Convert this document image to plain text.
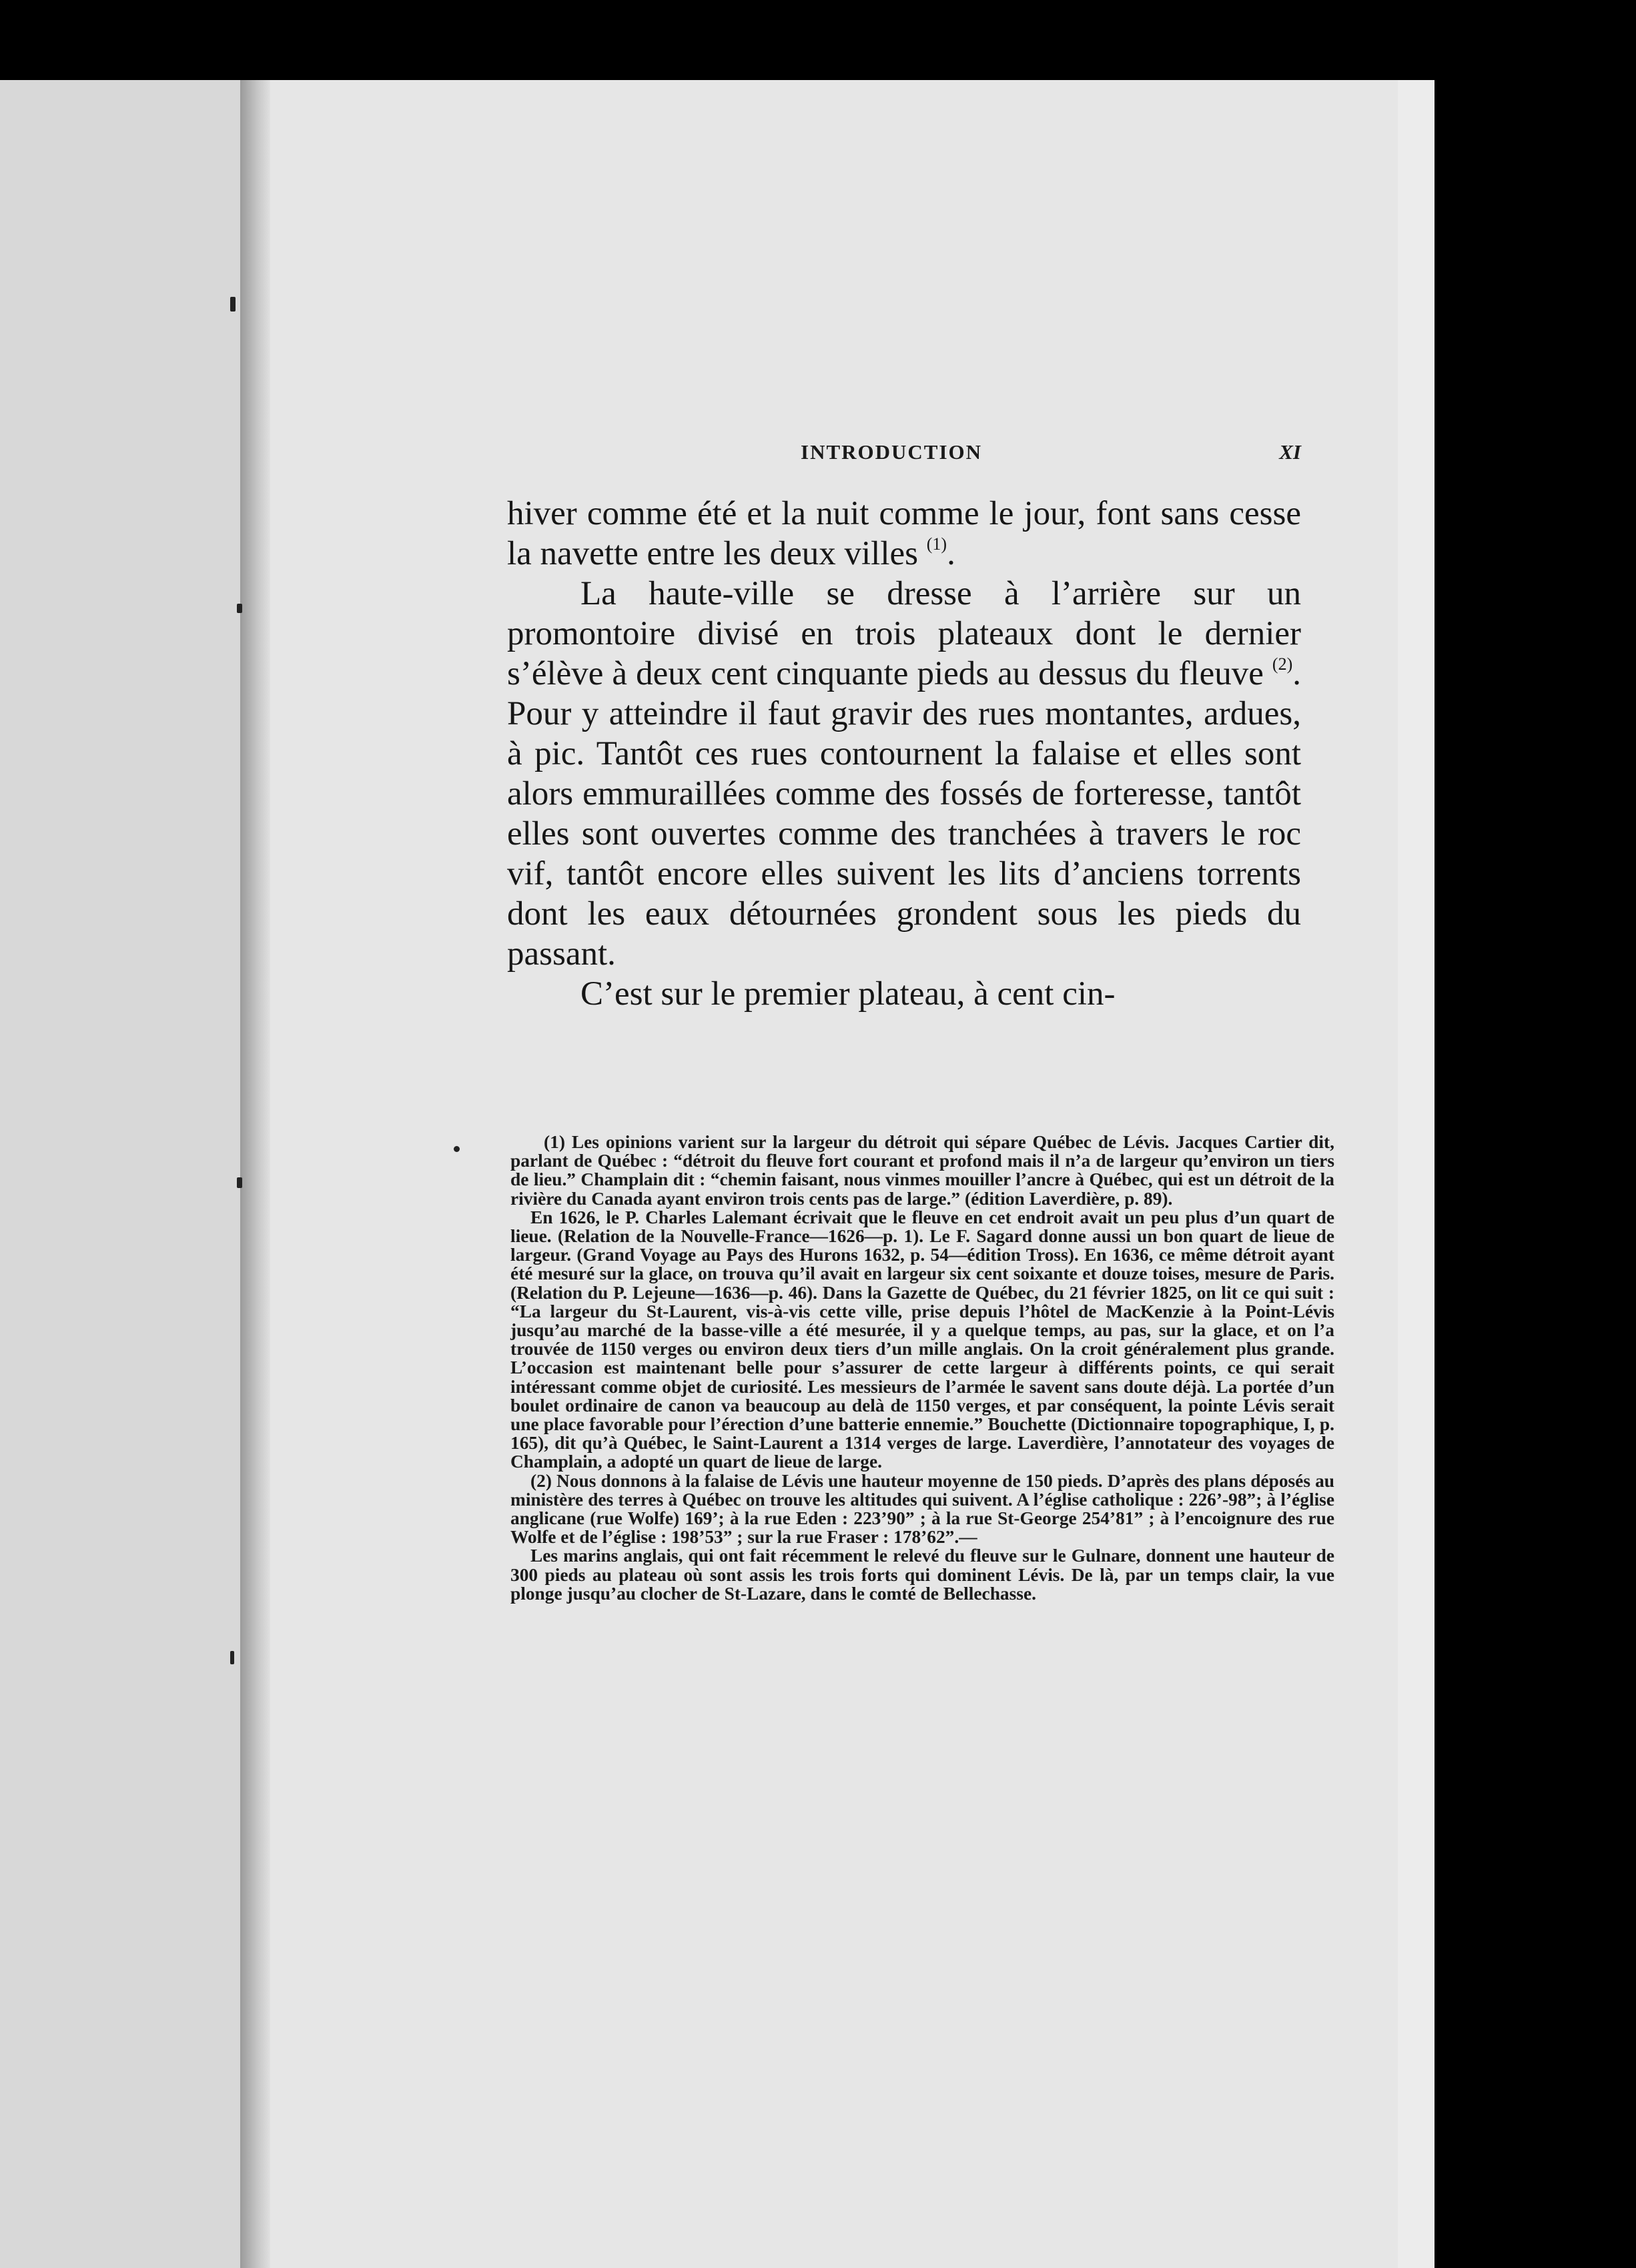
INTRODUCTION	XI

hiver comme été et la nuit comme le jour, font sans cesse la navette entre les deux villes $^{(1)}$.

La haute-ville se dresse à l’arrière sur un promontoire divisé en trois plateaux dont le dernier s’élève à deux cent cinquante pieds au dessus du fleuve $^{(2)}$. Pour y atteindre il faut gravir des rues montantes, ardues, à pic. Tantôt ces rues contournent la falaise et elles sont alors emmuraillées comme des fossés de forteresse, tantôt elles sont ouvertes comme des tranchées à travers le roc vif, tantôt encore elles suivent les lits d’anciens torrents dont les eaux détournées grondent sous les pieds du passant.

C’est sur le premier plateau, à cent cin-

(1) Les opinions varient sur la largeur du détroit qui sépare Québec de Lévis. Jacques Cartier dit, parlant de Québec : “détroit du fleuve fort courant et profond mais il n’a de largeur qu’environ un tiers de lieu.” Champlain dit : “chemin faisant, nous vinmes mouiller l’ancre à Québec, qui est un détroit de la rivière du Canada ayant environ trois cents pas de large.” (édition Laverdière, p. 89).

En 1626, le P. Charles Lalemant écrivait que le fleuve en cet endroit avait un peu plus d’un quart de lieue. (Relation de la Nouvelle-France—1626—p. 1). Le F. Sagard donne aussi un bon quart de lieue de largeur. (Grand Voyage au Pays des Hurons 1632, p. 54—édition Tross). En 1636, ce même détroit ayant été mesuré sur la glace, on trouva qu’il avait en largeur six cent soixante et douze toises, mesure de Paris. (Relation du P. Lejeune—1636—p. 46). Dans la Gazette de Québec, du 21 février 1825, on lit ce qui suit : “La largeur du St-Laurent, vis-à-vis cette ville, prise depuis l’hôtel de MacKenzie à la Point-Lévis jusqu’au marché de la basse-ville a été mesurée, il y a quelque temps, au pas, sur la glace, et on l’a trouvée de 1150 verges ou environ deux tiers d’un mille anglais. On la croit généralement plus grande. L’occasion est maintenant belle pour s’assurer de cette largeur à différents points, ce qui serait intéressant comme objet de curiosité. Les messieurs de l’armée le savent sans doute déjà. La portée d’un boulet ordinaire de canon va beaucoup au delà de 1150 verges, et par conséquent, la pointe Lévis serait une place favorable pour l’érection d’une batterie ennemie.” Bouchette (Dictionnaire topographique, I, p. 165), dit qu’à Québec, le Saint-Laurent a 1314 verges de large. Laverdière, l’annotateur des voyages de Champlain, a adopté un quart de lieue de large.

(2) Nous donnons à la falaise de Lévis une hauteur moyenne de 150 pieds. D’après des plans déposés au ministère des terres à Québec on trouve les altitudes qui suivent. A l’église catholique : 226’-98”; à l’église anglicane (rue Wolfe) 169’; à la rue Eden : 223’90” ; à la rue St-George 254’81” ; à l’encoignure des rue Wolfe et de l’église : 198’53” ; sur la rue Fraser : 178’62”.—

Les marins anglais, qui ont fait récemment le relevé du fleuve sur le Gulnare, donnent une hauteur de 300 pieds au plateau où sont assis les trois forts qui dominent Lévis. De là, par un temps clair, la vue plonge jusqu’au clocher de St-Lazare, dans le comté de Bellechasse.
